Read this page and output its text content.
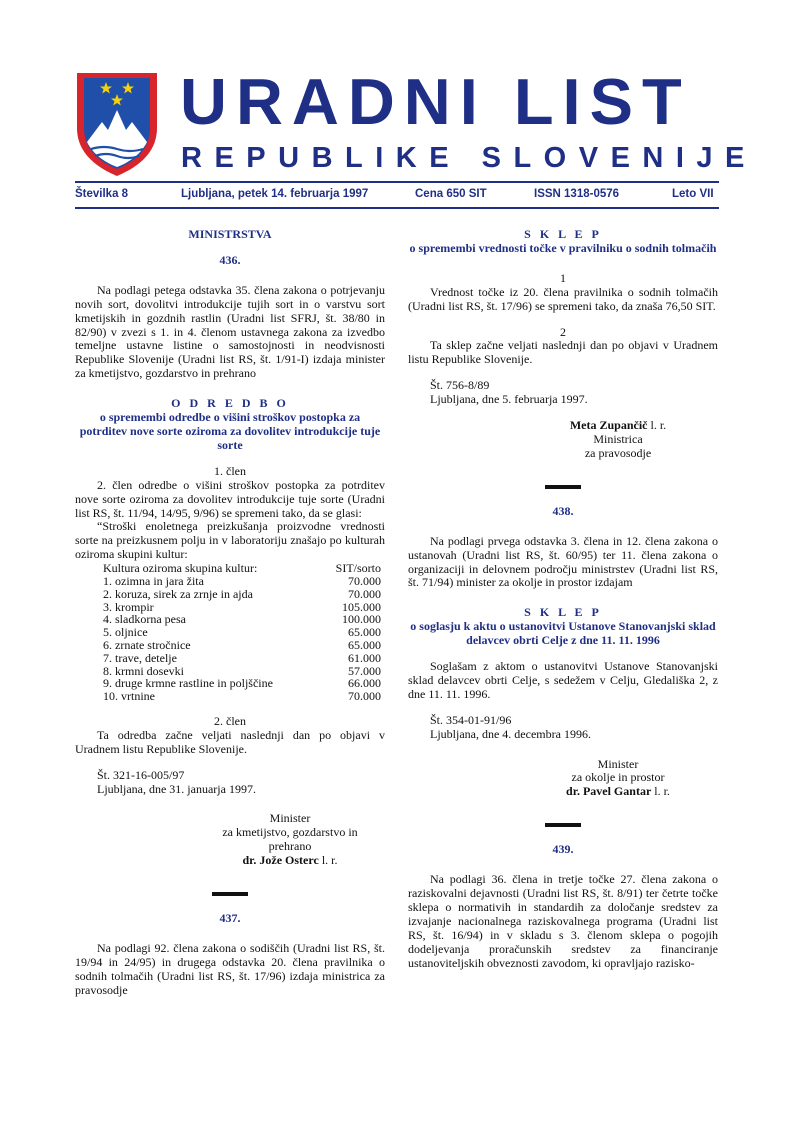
URADNI LIST
REPUBLIKE SLOVENIJE
Številka 8	Ljubljana, petek 14. februarja 1997	Cena 650 SIT	ISSN 1318-0576	Leto VII

MINISTRSTVA

436.

Na podlagi petega odstavka 35. člena zakona o potrjevanju novih sort, dovolitvi introdukcije tujih sort in o varstvu sort kmetijskih in gozdnih rastlin (Uradni list SFRJ, št. 38/80 in 82/90) v zvezi s 1. in 4. členom ustavnega zakona za izvedbo temeljne ustavne listine o samostojnosti in neodvisnosti Republike Slovenije (Uradni list RS, št. 1/91-I) izdaja minister za kmetijstvo, gozdarstvo in prehrano

O D R E D B O

o spremembi odredbe o višini stroškov postopka za potrditev nove sorte oziroma za dovolitev introdukcije tuje sorte

1. člen

2. člen odredbe o višini stroškov postopka za potrditev nove sorte oziroma za dovolitev introdukcije tuje sorte (Uradni list RS, št. 11/94, 14/95, 9/96) se spremeni tako, da se glasi:

“Stroški enoletnega preizkušanja proizvodne vrednosti sorte na preizkusnem polju in v laboratoriju znašajo po kulturah oziroma skupini kultur:

Kultura oziroma skupina kultur:	SIT/sorto
1. ozimna in jara žita	70.000
2. koruza, sirek za zrnje in ajda	70.000
3. krompir	105.000
4. sladkorna pesa	100.000
5. oljnice	65.000
6. zrnate stročnice	65.000
7. trave, detelje	61.000
8. krmni dosevki	57.000
9. druge krmne rastline in poljščine	66.000
10. vrtnine	70.000

2. člen

Ta odredba začne veljati naslednji dan po objavi v Uradnem listu Republike Slovenije.

Št. 321-16-005/97

Ljubljana, dne 31. januarja 1997.

Minister

za kmetijstvo, gozdarstvo in

prehrano

dr. Jože Osterc l. r.

437.

Na podlagi 92. člena zakona o sodiščih (Uradni list RS, št. 19/94 in 24/95) in drugega odstavka 20. člena pravilnika o sodnih tolmačih (Uradni list RS, št. 17/96) izdaja ministrica za pravosodje

S K L E P

o spremembi vrednosti točke v pravilniku o sodnih tolmačih

1

Vrednost točke iz 20. člena pravilnika o sodnih tolmačih (Uradni list RS, št. 17/96) se spremeni tako, da znaša 76,50 SIT.

2

Ta sklep začne veljati naslednji dan po objavi v Uradnem listu Republike Slovenije.

Št. 756-8/89

Ljubljana, dne 5. februarja 1997.

Meta Zupančič l. r.

Ministrica

za pravosodje

438.

Na podlagi prvega odstavka 3. člena in 12. člena zakona o ustanovah (Uradni list RS, št. 60/95) ter 11. člena zakona o organizaciji in delovnem področju ministrstev (Uradni list RS, št. 71/94) minister za okolje in prostor izdajam

S K L E P

o soglasju k aktu o ustanovitvi Ustanove Stanovanjski sklad delavcev obrti Celje z dne 11. 11. 1996

Soglašam z aktom o ustanovitvi Ustanove Stanovanjski sklad delavcev obrti Celje, s sedežem v Celju, Gledališka 2, z dne 11. 11. 1996.

Št. 354-01-91/96

Ljubljana, dne 4. decembra 1996.

Minister

za okolje in prostor

dr. Pavel Gantar l. r.

439.

Na podlagi 36. člena in tretje točke 27. člena zakona o raziskovalni dejavnosti (Uradni list RS, št. 8/91) ter četrte točke sklepa o normativih in standardih za določanje sredstev za izvajanje nacionalnega raziskovalnega programa (Uradni list RS, št. 16/94) in v skladu s 3. členom sklepa o pogojih dodeljevanja proračunskih sredstev za financiranje ustanoviteljskih obveznosti zavodom, ki opravljajo razisko-
